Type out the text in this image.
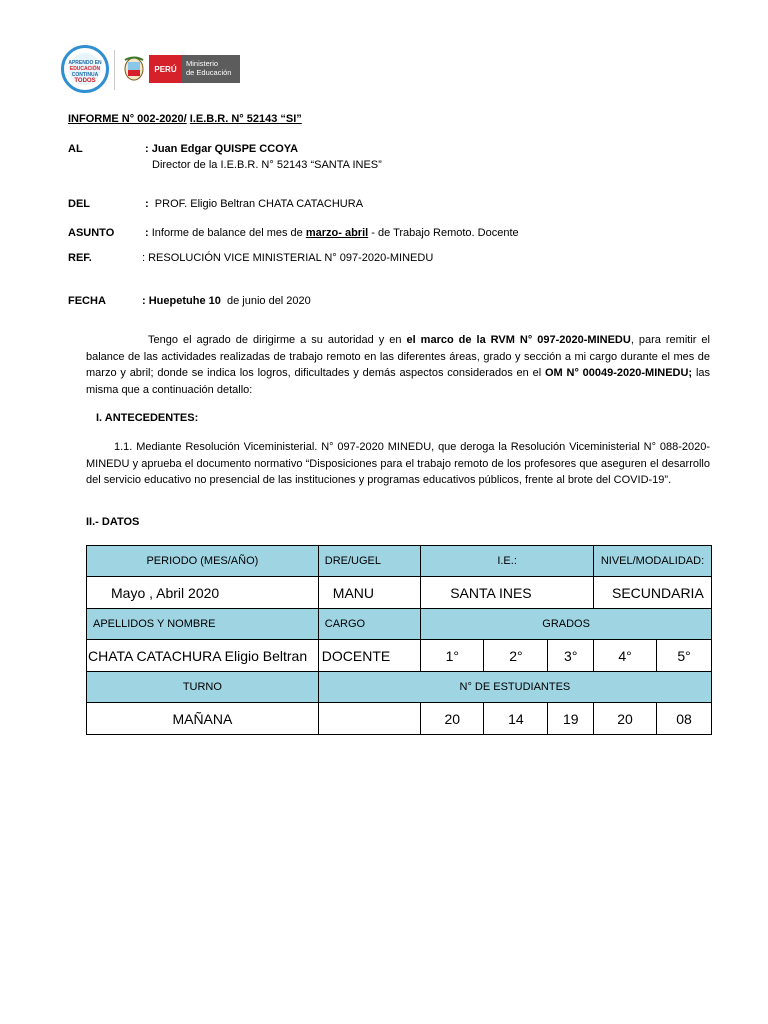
APRENDO EN
EDUCACIÓN
CONTINUA
TODOS
PERÚ
Ministerio
de Educación
INFORME N° 002-2020/ I.E.B.R. N° 52143 “SI”
AL	: Juan Edgar QUISPE CCOYA
Director de la I.E.B.R. N° 52143 “SANTA INES”
DEL	: PROF. Eligio Beltran CHATA CATACHURA
ASUNTO	: Informe de balance del mes de marzo- abril - de Trabajo Remoto. Docente
REF.	: RESOLUCIÓN VICE MINISTERIAL N° 097-2020-MINEDU
FECHA	: Huepetuhe 10 de junio del 2020
Tengo el agrado de dirigirme a su autoridad y en el marco de la RVM N° 097-2020-MINEDU, para remitir el balance de las actividades realizadas de trabajo remoto en las diferentes áreas, grado y sección a mi cargo durante el mes de marzo y abril; donde se indica los logros, dificultades y demás aspectos considerados en el OM N° 00049-2020-MINEDU; las misma que a continuación detallo:
I. ANTECEDENTES:
1.1. Mediante Resolución Viceministerial. N° 097-2020 MINEDU, que deroga la Resolución Viceministerial N° 088-2020- MINEDU y aprueba el documento normativo “Disposiciones para el trabajo remoto de los profesores que aseguren el desarrollo del servicio educativo no presencial de las instituciones y programas educativos públicos, frente al brote del COVID-19”.
II.- DATOS
PERIODO (MES/AÑO)	DRE/UGEL	I.E.:			NIVEL/MODALIDAD:	
Mayo , Abril 2020	MANU	SANTA INES			SECUNDARIA	
APELLIDOS Y NOMBRE	CARGO	GRADOS				
CHATA CATACHURA Eligio Beltran	DOCENTE	1°	2°	3°	4°	5°
TURNO	N° DE ESTUDIANTES					
MAÑANA		20	14	19	20	08
